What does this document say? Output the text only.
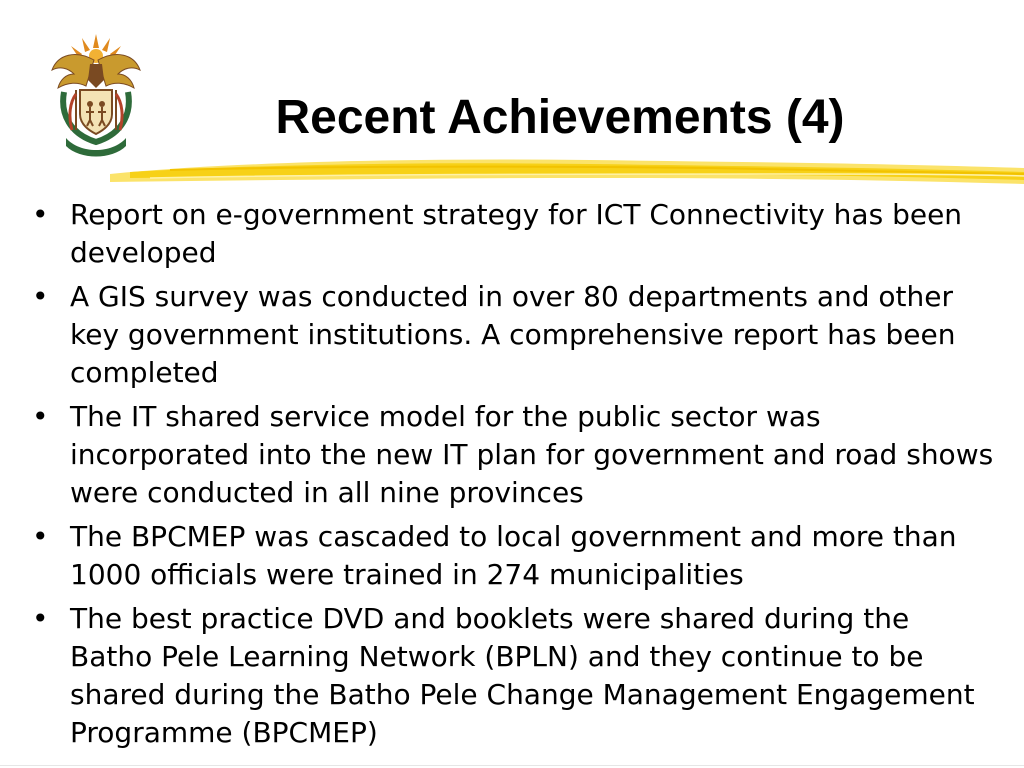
Recent Achievements (4)
• Report on e-government strategy for ICT Connectivity has been developed
• A GIS survey was conducted in over 80 departments and other key government institutions. A comprehensive report has been completed
• The IT shared service model for the public sector was incorporated into the new IT plan for government and road shows were conducted in all nine provinces
• The BPCMEP was cascaded to local government and more than 1000 officials were trained in 274 municipalities
• The best practice DVD and booklets were shared during the Batho Pele Learning Network (BPLN) and they continue to be shared during the Batho Pele Change Management Engagement Programme (BPCMEP)
